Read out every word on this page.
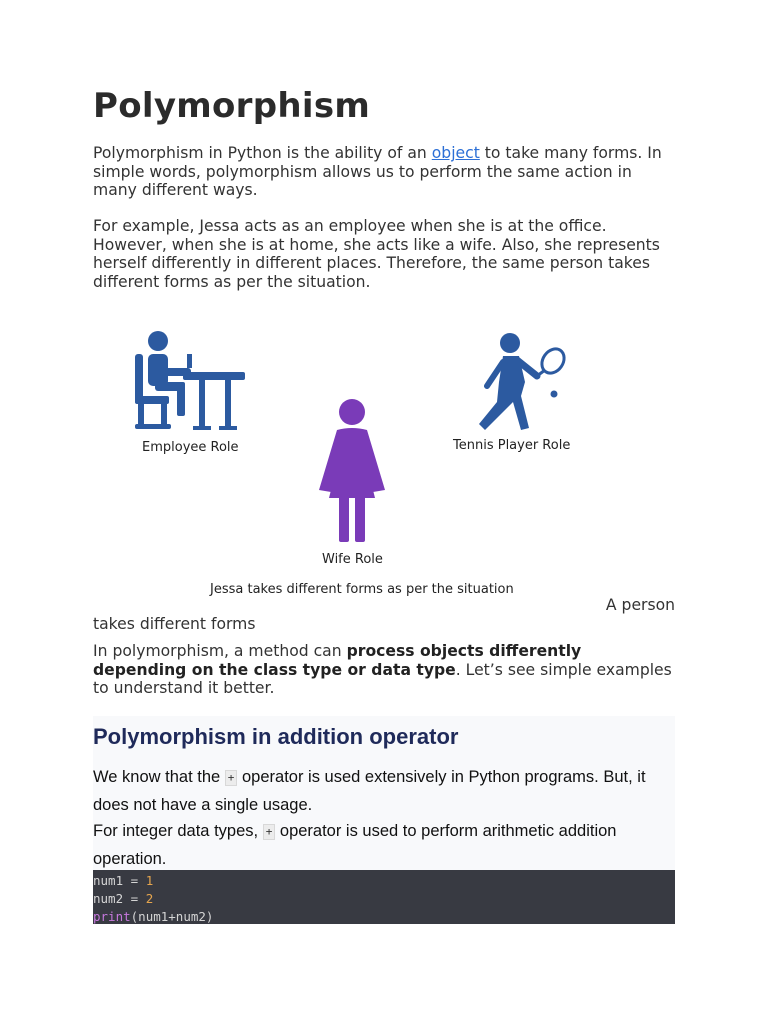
Polymorphism

Polymorphism in Python is the ability of an object to take many forms. In simple words, polymorphism allows us to perform the same action in many different ways.

For example, Jessa acts as an employee when she is at the office. However, when she is at home, she acts like a wife. Also, she represents herself differently in different places. Therefore, the same person takes different forms as per the situation.

Employee Role
Wife Role
Tennis Player Role
Jessa takes different forms as per the situation
A person
takes different forms

In polymorphism, a method can process objects differently depending on the class type or data type. Let’s see simple examples to understand it better.

Polymorphism in addition operator

We know that the + operator is used extensively in Python programs. But, it does not have a single usage.

For integer data types, + operator is used to perform arithmetic addition operation.

num1 = 1
num2 = 2
print(num1+num2)
